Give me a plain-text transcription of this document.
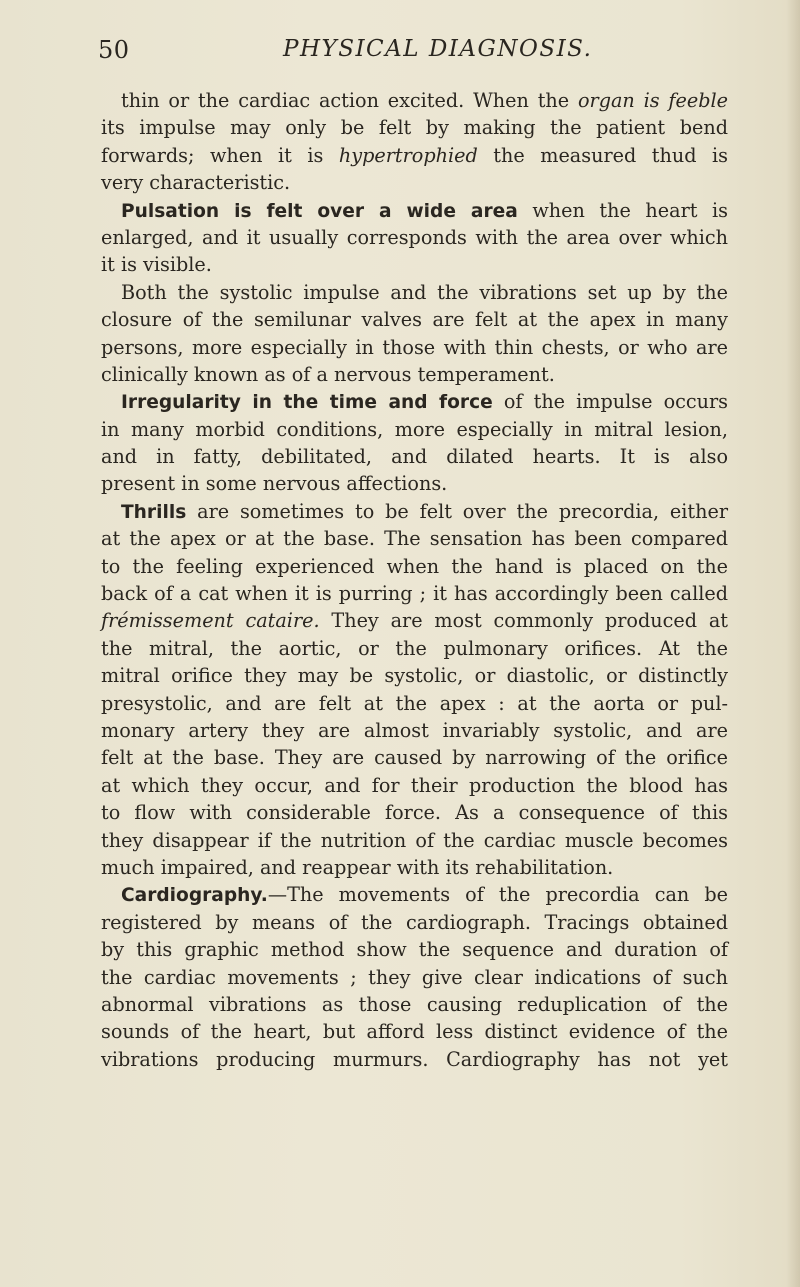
50	PHYSICAL DIAGNOSIS.
thin or the cardiac action excited. When the organ is feeble
its impulse may only be felt by making the patient bend
forwards; when it is hypertrophied the measured thud is
very characteristic.
Pulsation is felt over a wide area when the heart is
enlarged, and it usually corresponds with the area over which
it is visible.
Both the systolic impulse and the vibrations set up by the
closure of the semilunar valves are felt at the apex in many
persons, more especially in those with thin chests, or who are
clinically known as of a nervous temperament.
Irregularity in the time and force of the impulse occurs
in many morbid conditions, more especially in mitral lesion,
and in fatty, debilitated, and dilated hearts. It is also
present in some nervous affections.
Thrills are sometimes to be felt over the precordia, either
at the apex or at the base. The sensation has been compared
to the feeling experienced when the hand is placed on the
back of a cat when it is purring ; it has accordingly been called
frémissement cataire. They are most commonly produced at
the mitral, the aortic, or the pulmonary orifices. At the
mitral orifice they may be systolic, or diastolic, or distinctly
presystolic, and are felt at the apex : at the aorta or pul-
monary artery they are almost invariably systolic, and are
felt at the base. They are caused by narrowing of the orifice
at which they occur, and for their production the blood has
to flow with considerable force. As a consequence of this
they disappear if the nutrition of the cardiac muscle becomes
much impaired, and reappear with its rehabilitation.
Cardiography.—The movements of the precordia can be
registered by means of the cardiograph. Tracings obtained
by this graphic method show the sequence and duration of
the cardiac movements ; they give clear indications of such
abnormal vibrations as those causing reduplication of the
sounds of the heart, but afford less distinct evidence of the
vibrations producing murmurs. Cardiography has not yet
